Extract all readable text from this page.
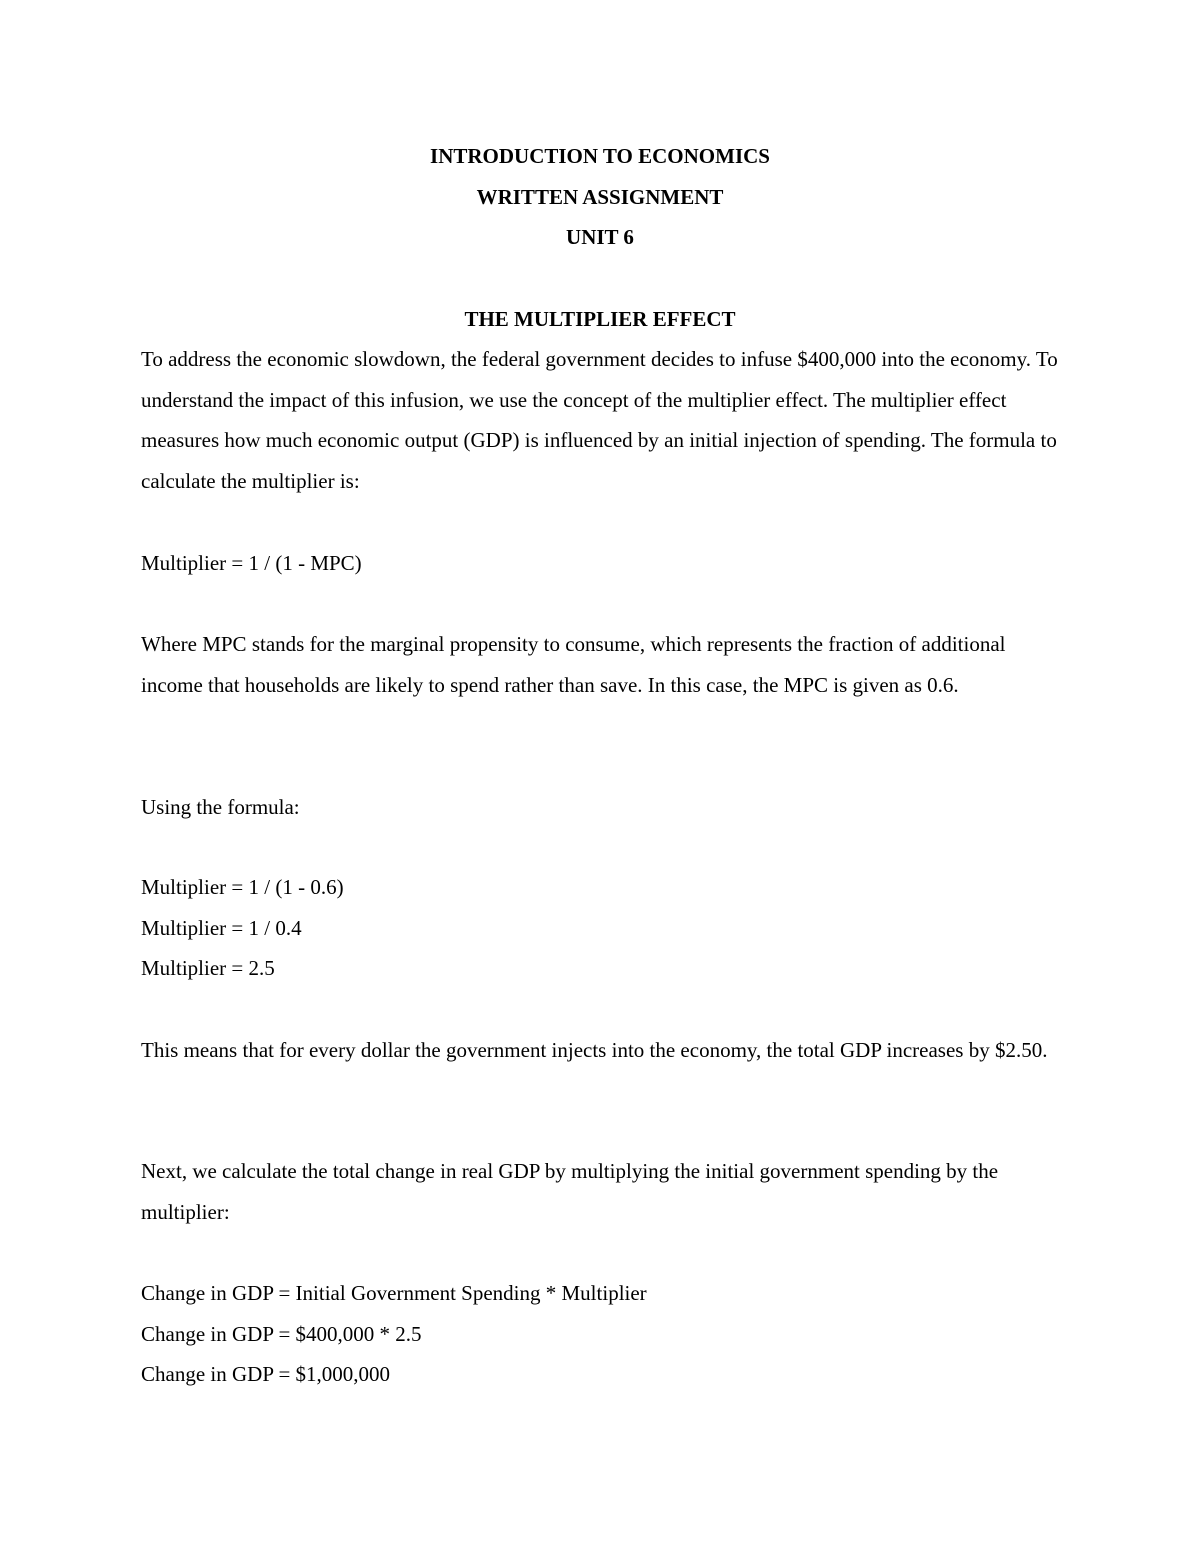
INTRODUCTION TO ECONOMICS

WRITTEN ASSIGNMENT

UNIT 6

THE MULTIPLIER EFFECT

To address the economic slowdown, the federal government decides to infuse $400,000 into the economy. To understand the impact of this infusion, we use the concept of the multiplier effect. The multiplier effect measures how much economic output (GDP) is influenced by an initial injection of spending. The formula to calculate the multiplier is:

Multiplier = 1 / (1 - MPC)

Where MPC stands for the marginal propensity to consume, which represents the fraction of additional income that households are likely to spend rather than save. In this case, the MPC is given as 0.6.

Using the formula:

Multiplier = 1 / (1 - 0.6)

Multiplier = 1 / 0.4

Multiplier = 2.5

This means that for every dollar the government injects into the economy, the total GDP increases by $2.50.

Next, we calculate the total change in real GDP by multiplying the initial government spending by the multiplier:

Change in GDP = Initial Government Spending * Multiplier

Change in GDP = $400,000 * 2.5

Change in GDP = $1,000,000
